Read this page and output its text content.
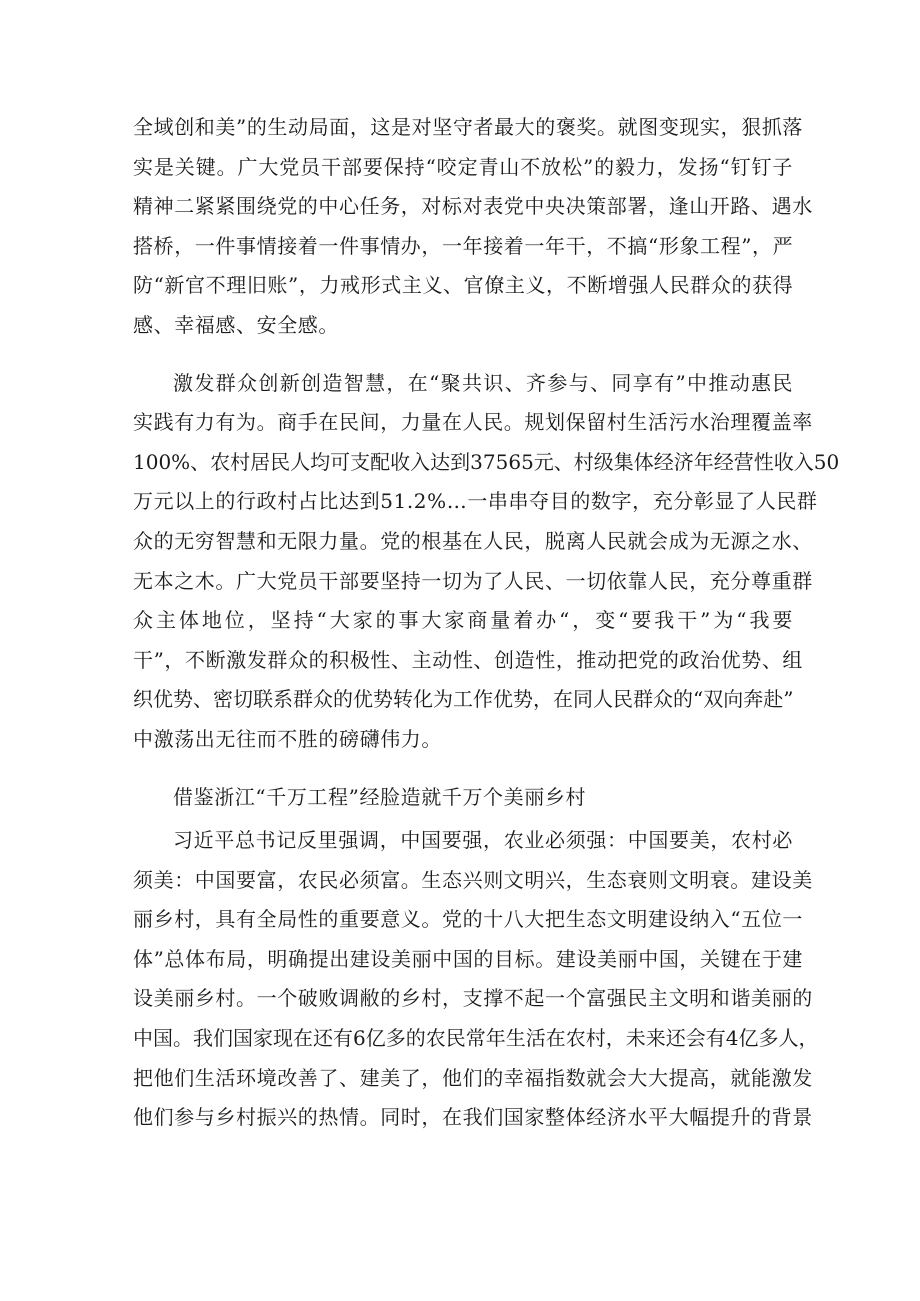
全域创和美”的生动局面，这是对坚守者最大的褒奖。就图变现实，狠抓落
实是关键。广大党员干部要保持“咬定青山不放松”的毅力，发扬“钉钉子
精神二紧紧围绕党的中心任务，对标对表党中央决策部署，逢山开路、遇水
搭桥，一件事情接着一件事情办，一年接着一年干，不搞“形象工程”，严
防“新官不理旧账”，力戒形式主义、官僚主义，不断增强人民群众的获得
感、幸福感、安全感。
激发群众创新创造智慧，在“聚共识、齐参与、同享有”中推动惠民
实践有力有为。商手在民间，力量在人民。规划保留村生活污水治理覆盖率
100%、农村居民人均可支配收入达到37565元、村级集体经济年经营性收入50
万元以上的行政村占比达到51.2%…一串串夺目的数字，充分彰显了人民群
众的无穷智慧和无限力量。党的根基在人民，脱离人民就会成为无源之水、
无本之木。广大党员干部要坚持一切为了人民、一切依靠人民，充分尊重群
众主体地位，坚持“大家的事大家商量着办“，变“要我干”为“我要
干”，不断激发群众的积极性、主动性、创造性，推动把党的政治优势、组
织优势、密切联系群众的优势转化为工作优势，在同人民群众的“双向奔赴”
中激荡出无往而不胜的磅礴伟力。
借鉴浙江“千万工程”经脸造就千万个美丽乡村
习近平总书记反里强调，中国要强，农业必须强：中国要美，农村必
须美：中国要富，农民必须富。生态兴则文明兴，生态衰则文明衰。建设美
丽乡村，具有全局性的重要意义。党的十八大把生态文明建设纳入“五位一
体”总体布局，明确提出建设美丽中国的目标。建设美丽中国，关键在于建
设美丽乡村。一个破败调敝的乡村，支撑不起一个富强民主文明和谐美丽的
中国。我们国家现在还有6亿多的农民常年生活在农村，未来还会有4亿多人，
把他们生活环境改善了、建美了，他们的幸福指数就会大大提高，就能激发
他们参与乡村振兴的热情。同时，在我们国家整体经济水平大幅提升的背景
